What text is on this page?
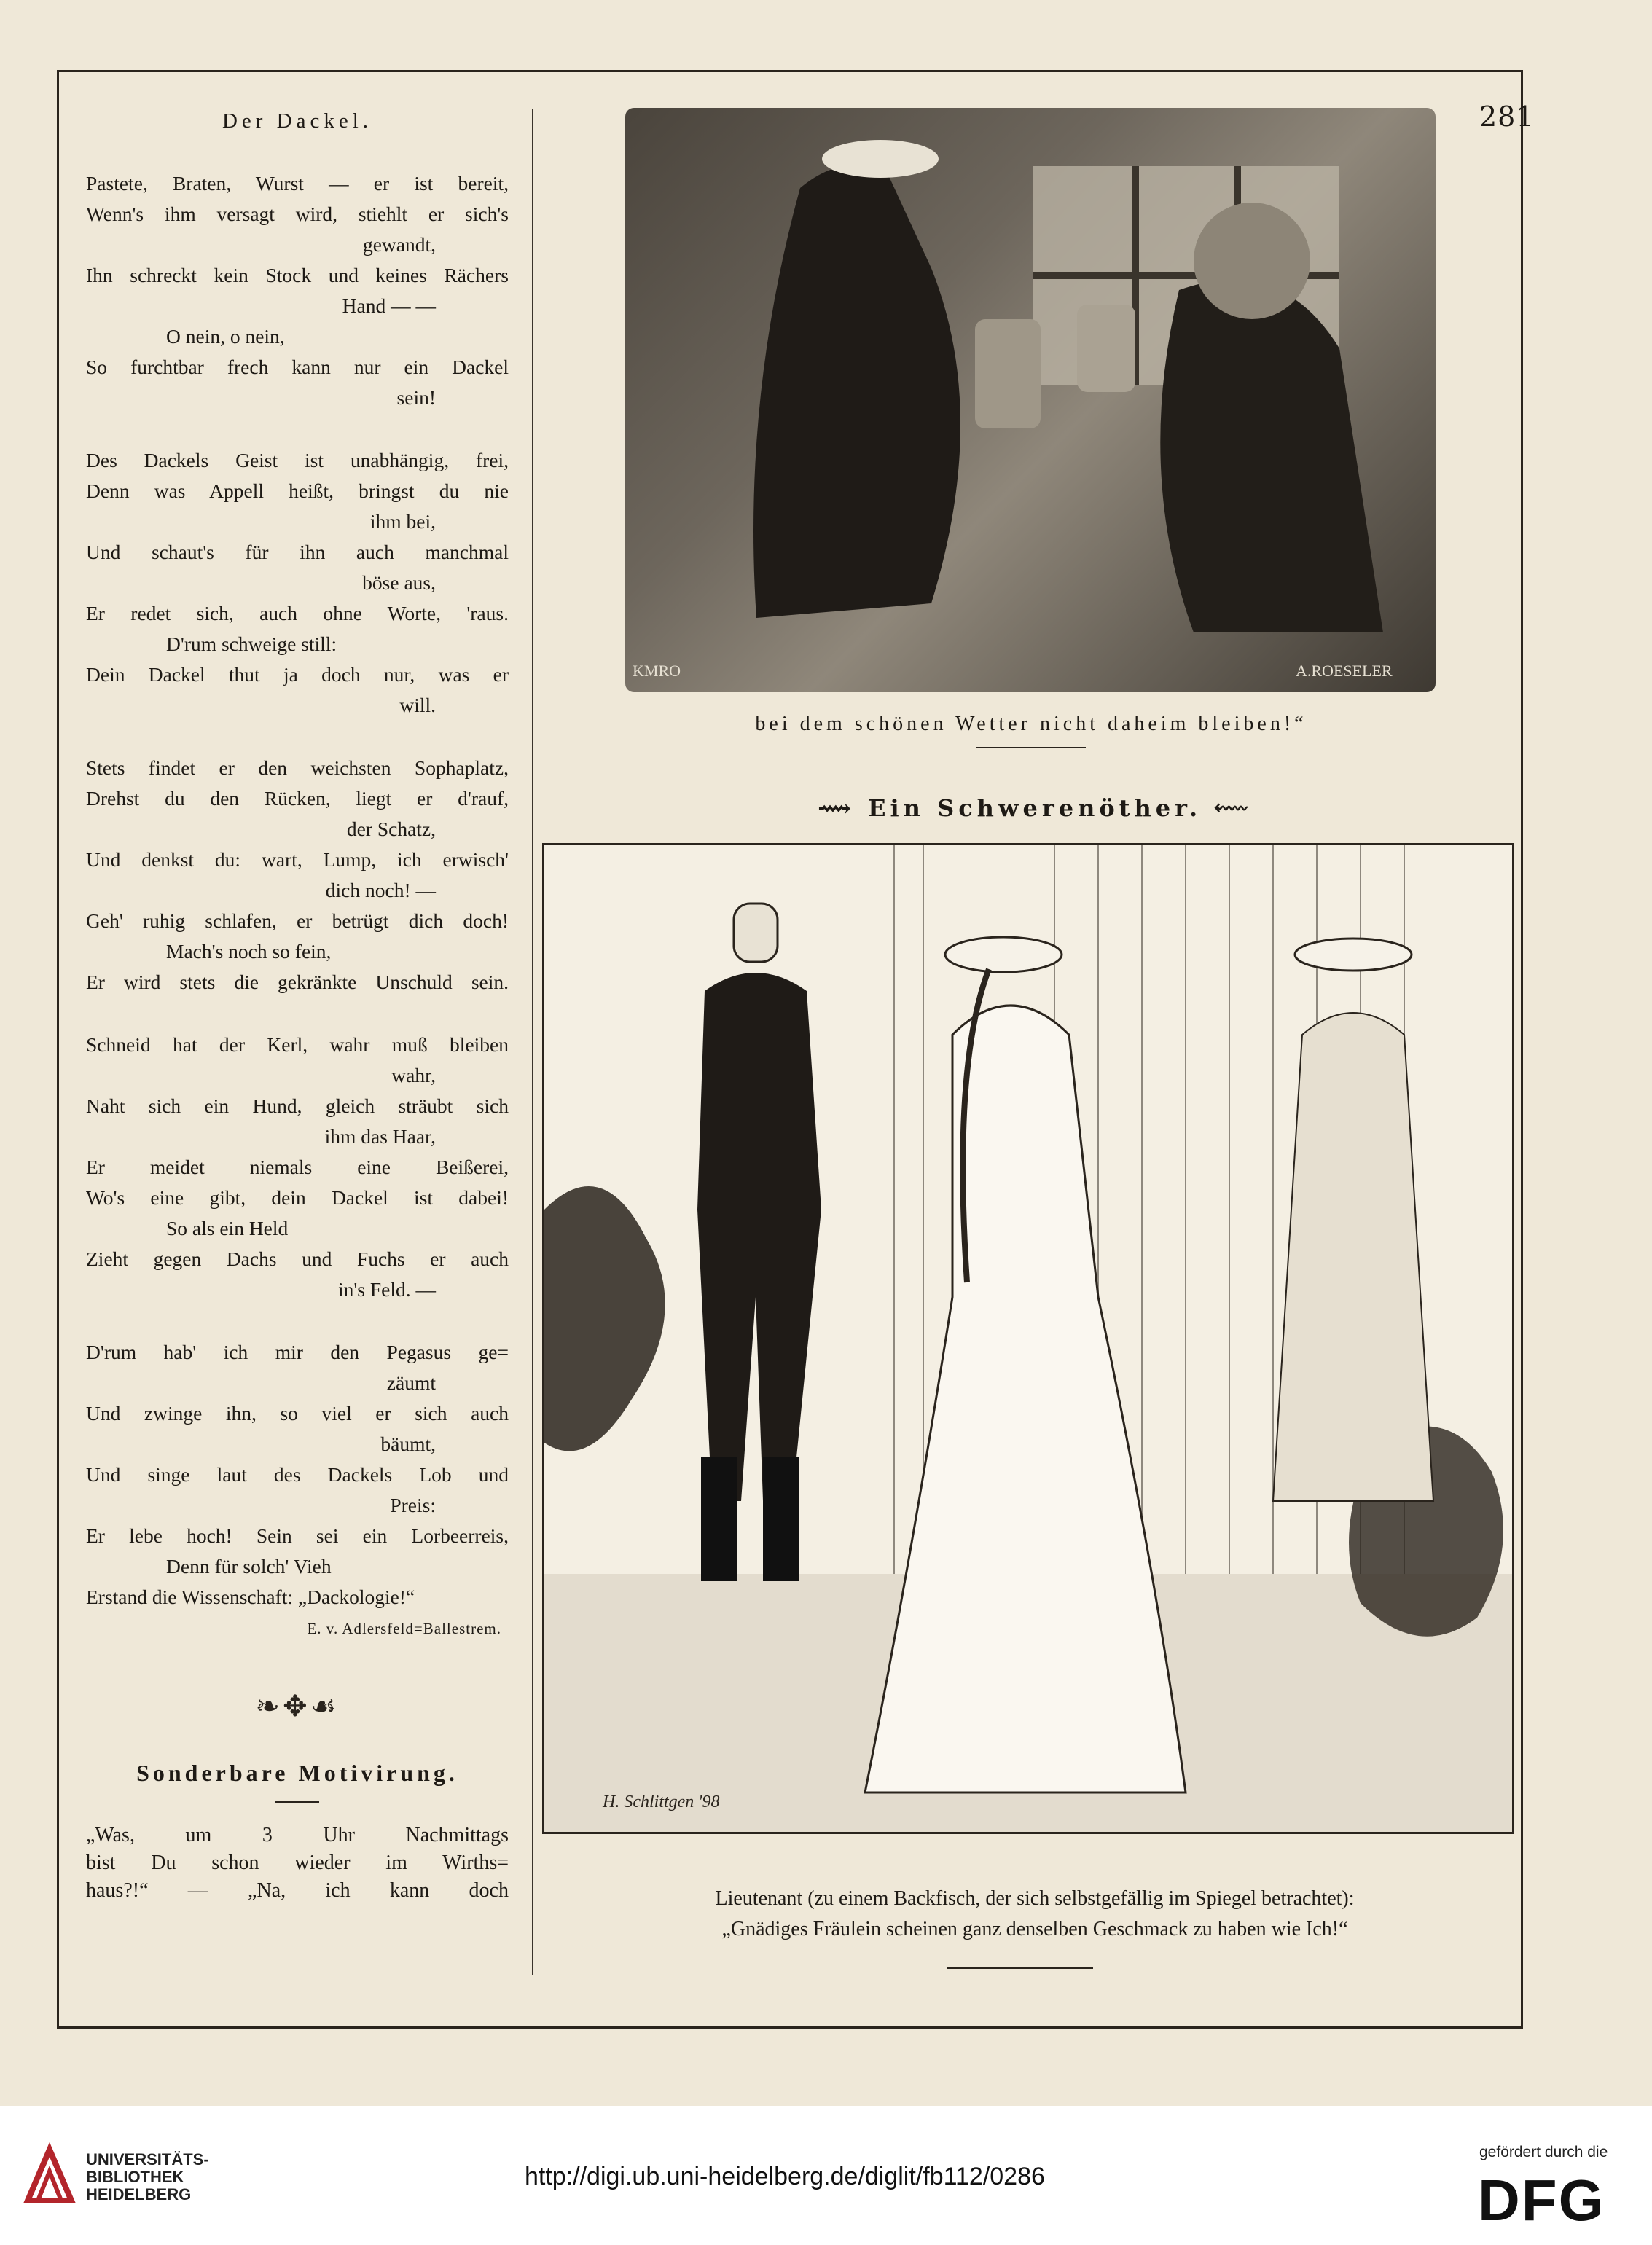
281
Der Dackel.
Pastete, Braten, Wurst — er ist bereit,
Wenn's ihm versagt wird, stiehlt er sich's
gewandt,
Ihn schreckt kein Stock und keines Rächers
Hand — —
O nein, o nein,
So furchtbar frech kann nur ein Dackel
sein!
Des Dackels Geist ist unabhängig, frei,
Denn was Appell heißt, bringst du nie
ihm bei,
Und schaut's für ihn auch manchmal
böse aus,
Er redet sich, auch ohne Worte, 'raus.
D'rum schweige still:
Dein Dackel thut ja doch nur, was er
will.
Stets findet er den weichsten Sophaplatz,
Drehst du den Rücken, liegt er d'rauf,
der Schatz,
Und denkst du: wart, Lump, ich erwisch'
dich noch! —
Geh' ruhig schlafen, er betrügt dich doch!
Mach's noch so fein,
Er wird stets die gekränkte Unschuld sein.
Schneid hat der Kerl, wahr muß bleiben
wahr,
Naht sich ein Hund, gleich sträubt sich
ihm das Haar,
Er meidet niemals eine Beißerei,
Wo's eine gibt, dein Dackel ist dabei!
So als ein Held
Zieht gegen Dachs und Fuchs er auch
in's Feld. —
D'rum hab' ich mir den Pegasus ge=
zäumt
Und zwinge ihn, so viel er sich auch
bäumt,
Und singe laut des Dackels Lob und
Preis:
Er lebe hoch! Sein sei ein Lorbeerreis,
Denn für solch' Vieh
Erstand die Wissenschaft: „Dackologie!“
E. v. Adlersfeld=Ballestrem.
❧✥☙
Sonderbare Motivirung.
„Was, um 3 Uhr Nachmittags
bist Du schon wieder im Wirths=
haus?!“ — „Na, ich kann doch
KMRO	A.ROESELER
bei dem schönen Wetter nicht daheim bleiben!“
⟿ Ein Schwerenöther. ⬳
H. Schlittgen '98
Lieutenant (zu einem Backfisch, der sich selbstgefällig im Spiegel betrachtet):
„Gnädiges Fräulein scheinen ganz denselben Geschmack zu haben wie Ich!“
UNIVERSITÄTS-
BIBLIOTHEK
HEIDELBERG
http://digi.ub.uni-heidelberg.de/diglit/fb112/0286
gefördert durch die
DFG
